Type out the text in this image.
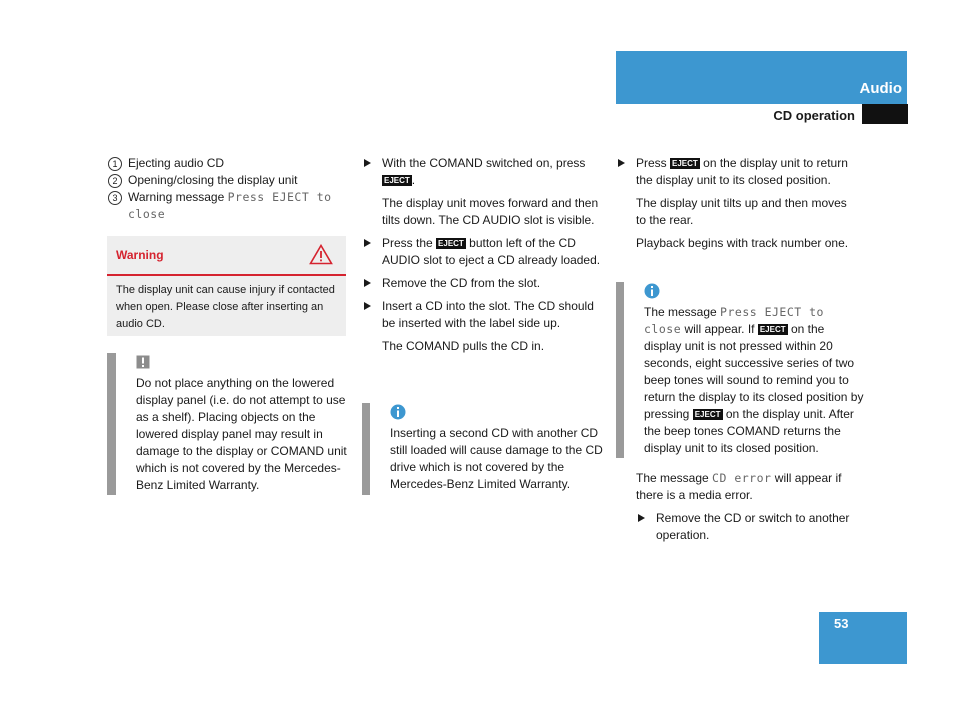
Audio
CD operation
1 Ejecting audio CD
2 Opening/closing the display unit
3 Warning message Press EJECT to close
Warning
The display unit can cause injury if contacted when open. Please close after inserting an audio CD.
!
Do not place anything on the lowered display panel (i.e. do not attempt to use as a shelf). Placing objects on the lowered display panel may result in damage to the display or COMAND unit which is not covered by the Mercedes-Benz Limited Warranty.

With the COMAND switched on, press EJECT .

The display unit moves forward and then tilts down. The CD AUDIO slot is visible.

Press the EJECT button left of the CD AUDIO slot to eject a CD already loaded.

Remove the CD from the slot.

Insert a CD into the slot. The CD should be inserted with the label side up.

The COMAND pulls the CD in.

Inserting a second CD with another CD still loaded will cause damage to the CD drive which is not covered by the Mercedes-Benz Limited Warranty.

Press EJECT on the display unit to return the display unit to its closed position.

The display unit tilts up and then moves to the rear.

Playback begins with track number one.

The message Press EJECT to close will appear. If EJECT on the display unit is not pressed within 20 seconds, eight successive series of two beep tones will sound to remind you to return the display to its closed position by pressing EJECT on the display unit. After the beep tones COMAND returns the display unit to its closed position.

The message CD error will appear if there is a media error.

Remove the CD or switch to another operation.

53
